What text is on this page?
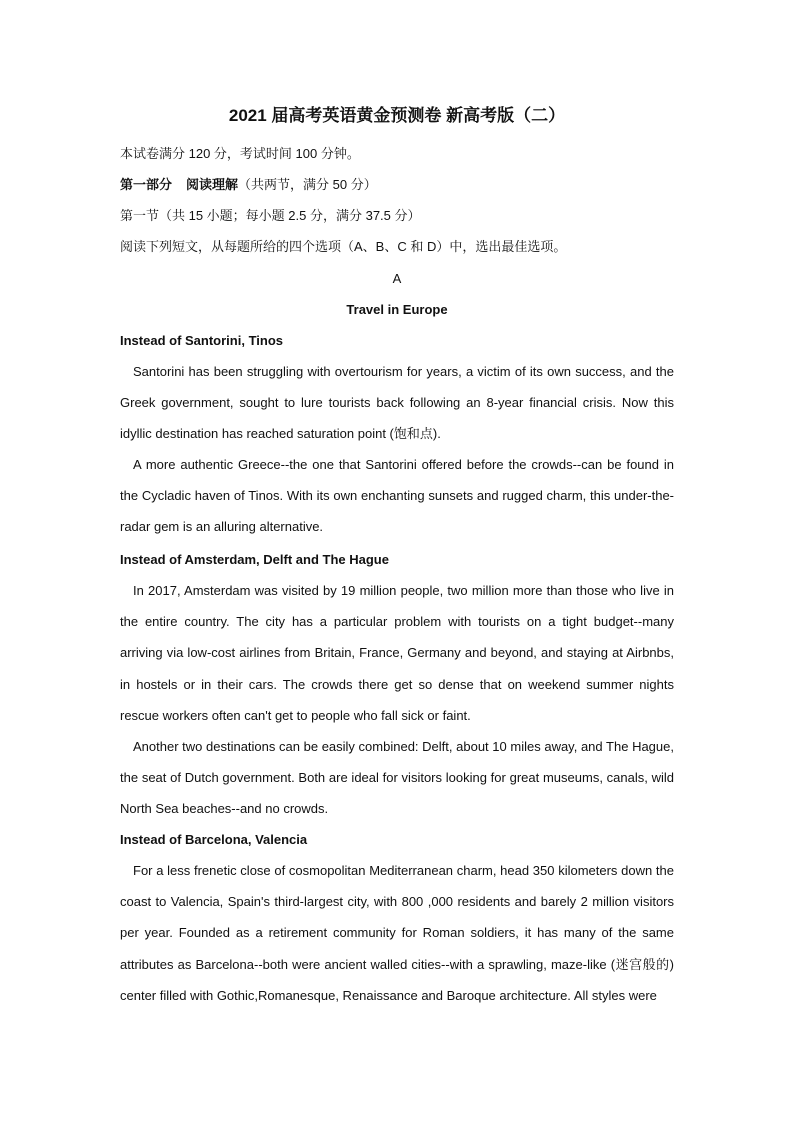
2021 届高考英语黄金预测卷 新高考版（二）

本试卷满分 120 分，考试时间 100 分钟。

第一部分 阅读理解（共两节，满分 50 分）

第一节（共 15 小题；每小题 2.5 分，满分 37.5 分）

阅读下列短文，从每题所给的四个选项（A、B、C 和 D）中，选出最佳选项。

A

Travel in Europe

Instead of Santorini, Tinos

Santorini has been struggling with overtourism for years, a victim of its own success, and the Greek government, sought to lure tourists back following an 8-year financial crisis. Now this idyllic destination has reached saturation point (饱和点).

A more authentic Greece--the one that Santorini offered before the crowds--can be found in the Cycladic haven of Tinos. With its own enchanting sunsets and rugged charm, this under-the-radar gem is an alluring alternative.

Instead of Amsterdam, Delft and The Hague

In 2017, Amsterdam was visited by 19 million people, two million more than those who live in the entire country. The city has a particular problem with tourists on a tight budget--many arriving via low-cost airlines from Britain, France, Germany and beyond, and staying at Airbnbs, in hostels or in their cars. The crowds there get so dense that on weekend summer nights rescue workers often can't get to people who fall sick or faint.

Another two destinations can be easily combined: Delft, about 10 miles away, and The Hague, the seat of Dutch government. Both are ideal for visitors looking for great museums, canals, wild North Sea beaches--and no crowds.

Instead of Barcelona, Valencia

For a less frenetic close of cosmopolitan Mediterranean charm, head 350 kilometers down the coast to Valencia, Spain's third-largest city, with 800 ,000 residents and barely 2 million visitors per year. Founded as a retirement community for Roman soldiers, it has many of the same attributes as Barcelona--both were ancient walled cities--with a sprawling, maze-like (迷宫般的) center filled with Gothic,Romanesque, Renaissance and Baroque architecture. All styles were
